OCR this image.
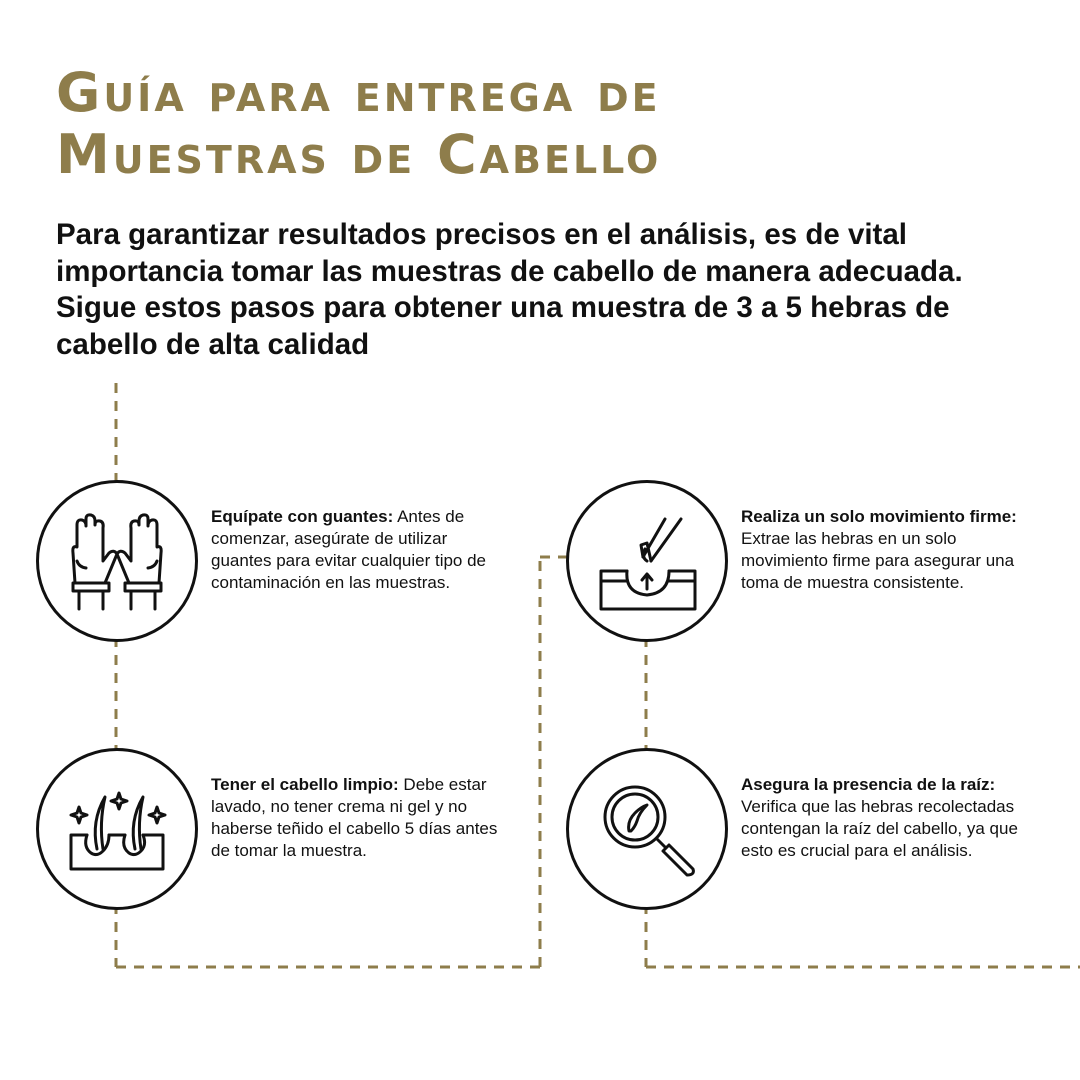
Guía para entrega de
Muestras de Cabello

Para garantizar resultados precisos en el análisis, es de vital importancia tomar las muestras de cabello de manera adecuada. Sigue estos pasos para obtener una muestra de 3 a 5 hebras de cabello de alta calidad

Equípate con guantes: Antes de comenzar, asegúrate de utilizar guantes para evitar cualquier tipo de contaminación en las muestras.

Tener el cabello limpio: Debe estar lavado, no tener crema ni gel y no haberse teñido el cabello 5 días antes de tomar la muestra.

Realiza un solo movimiento firme: Extrae las hebras en un solo movimiento firme para asegurar una toma de muestra consistente.

Asegura la presencia de la raíz: Verifica que las hebras recolectadas contengan la raíz del cabello, ya que esto es crucial para el análisis.
